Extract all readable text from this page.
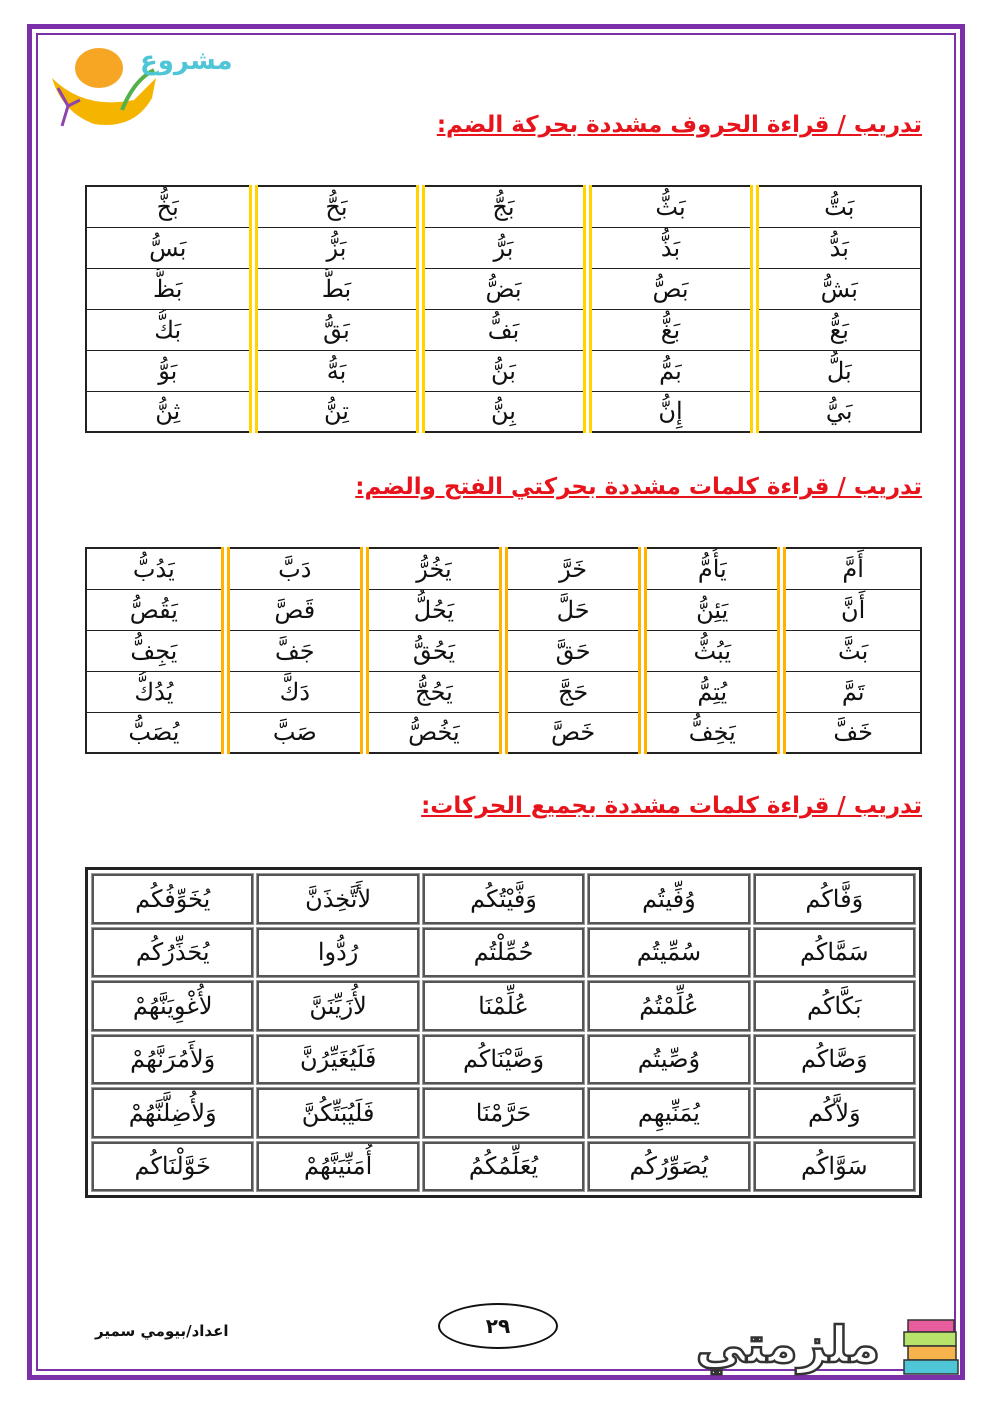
مشروع
تدريب / قراءة الحروف مشددة بحركة الضم:
بَتُّ	بَثُّ	بَجُّ	بَحُّ	بَخُّ
بَدُّ	بَذُّ	بَرُّ	بَزُّ	بَسُّ
بَشُّ	بَصُّ	بَضُّ	بَطُّ	بَظُّ
بَعُّ	بَغُّ	بَفُّ	بَقُّ	بَكُّ
بَلُّ	بَمُّ	بَنُّ	بَهُّ	بَوُّ
بَيُّ	إِنُّ	بِنُّ	تِنُّ	ثِنُّ
تدريب / قراءة كلمات مشددة بحركتي الفتح والضم:
أَمَّ	يَأُمُّ	خَرَّ	يَخُرُّ	دَبَّ	يَدُبُّ
أَنَّ	يَئِنُّ	حَلَّ	يَحُلُّ	قَصَّ	يَقُصُّ
بَثَّ	يَبُثُّ	حَقَّ	يَحُقُّ	جَفَّ	يَجِفُّ
تَمَّ	يُتِمُّ	حَجَّ	يَحُجُّ	دَكَّ	يُدُكُّ
خَفَّ	يَخِفُّ	خَصَّ	يَخُصُّ	صَبَّ	يُصَبُّ
تدريب / قراءة كلمات مشددة بجميع الحركات:
وَفَّاكُم	وُفِّيتُم	وَفَّيْتُكُم	لأَتَّخِذَنَّ	يُخَوِّفُكُم
سَمَّاكُم	سُمِّيتُم	حُمِّلْتُم	رُدُّوا	يُحَذِّرُكُم
بَكَّاكُم	عُلِّمْتُمُ	عُلِّمْنَا	لأُزَيِّنَنَّ	لأُغْوِيَنَّهُمْ
وَصَّاكُم	وُصِّيتُم	وَصَّيْنَاكُم	فَلَيُغَيِّرُنَّ	وَلأَمُرَنَّهُمْ
وَلاَّكُم	يُمَنِّيهِم	حَرَّمْنَا	فَلَيُبَتِّكُنَّ	وَلأُضِلَّنَّهُمْ
سَوَّاكُم	يُصَوِّرُكُم	يُعَلِّمُكُمُ	أُمَنِّيَنَّهُمْ	خَوَّلْنَاكُم
اعداد/بيومي سمير	٢٩	ملزمتي
